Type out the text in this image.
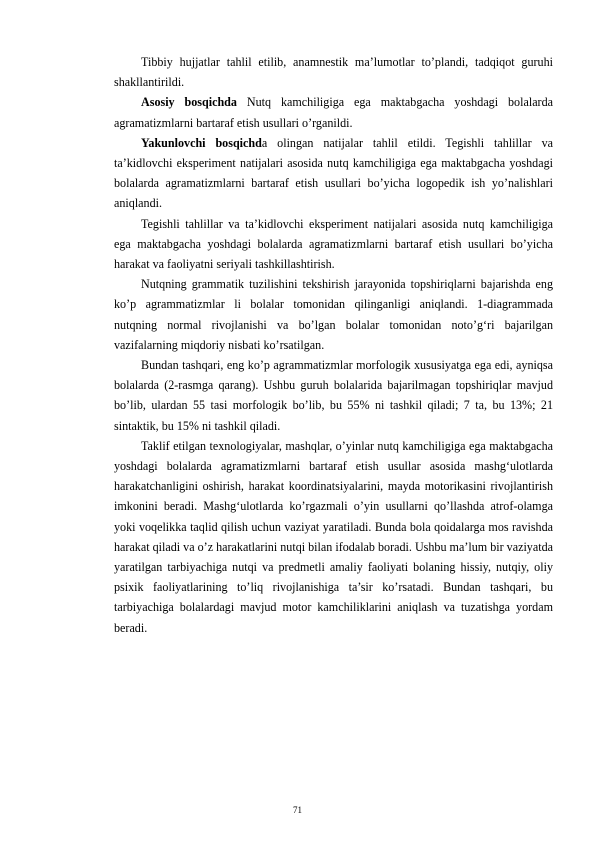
Tibbiy hujjatlar tahlil etilib, anamnestik ma’lumotlar to’plandi, tadqiqot guruhi shakllantirildi.

Asosiy bosqichda Nutq kamchiligiga ega maktabgacha yoshdagi bolalarda agramatizmlarni bartaraf etish usullari o’rganildi.

Yakunlovchi bosqichda olingan natijalar tahlil etildi. Tegishli tahlillar va ta’kidlovchi eksperiment natijalari asosida nutq kamchiligiga ega maktabgacha yoshdagi bolalarda agramatizmlarni bartaraf etish usullari bo’yicha logopedik ish yo’nalishlari aniqlandi.

Tegishli tahlillar va ta’kidlovchi eksperiment natijalari asosida nutq kamchiligiga ega maktabgacha yoshdagi bolalarda agramatizmlarni bartaraf etish usullari bo’yicha harakat va faoliyatni seriyali tashkillashtirish.

Nutqning grammatik tuzilishini tekshirish jarayonida topshiriqlarni bajarishda eng ko’p agrammatizmlar li bolalar tomonidan qilinganligi aniqlandi. 1-diagrammada nutqning normal rivojlanishi va bo’lgan bolalar tomonidan noto’g‘ri bajarilgan vazifalarning miqdoriy nisbati ko’rsatilgan.

Bundan tashqari, eng ko’p agrammatizmlar morfologik xususiyatga ega edi, ayniqsa bolalarda (2-rasmga qarang). Ushbu guruh bolalarida bajarilmagan topshiriqlar mavjud bo’lib, ulardan 55 tasi morfologik bo’lib, bu 55% ni tashkil qiladi; 7 ta, bu 13%; 21 sintaktik, bu 15% ni tashkil qiladi.

Taklif etilgan texnologiyalar, mashqlar, o’yinlar nutq kamchiligiga ega maktabgacha yoshdagi bolalarda agramatizmlarni bartaraf etish usullar asosida mashg‘ulotlarda harakatchanligini oshirish, harakat koordinatsiyalarini, mayda motorikasini rivojlantirish imkonini beradi. Mashg‘ulotlarda ko’rgazmali o’yin usullarni qo’llashda atrof-olamga yoki voqelikka taqlid qilish uchun vaziyat yaratiladi. Bunda bola qoidalarga mos ravishda harakat qiladi va o’z harakatlarini nutqi bilan ifodalab boradi. Ushbu ma’lum bir vaziyatda yaratilgan tarbiyachiga nutqi va predmetli amaliy faoliyati bolaning hissiy, nutqiy, oliy psixik faoliyatlarining to’liq rivojlanishiga ta’sir ko’rsatadi. Bundan tashqari, bu tarbiyachiga bolalardagi mavjud motor kamchiliklarini aniqlash va tuzatishga yordam beradi.

71
